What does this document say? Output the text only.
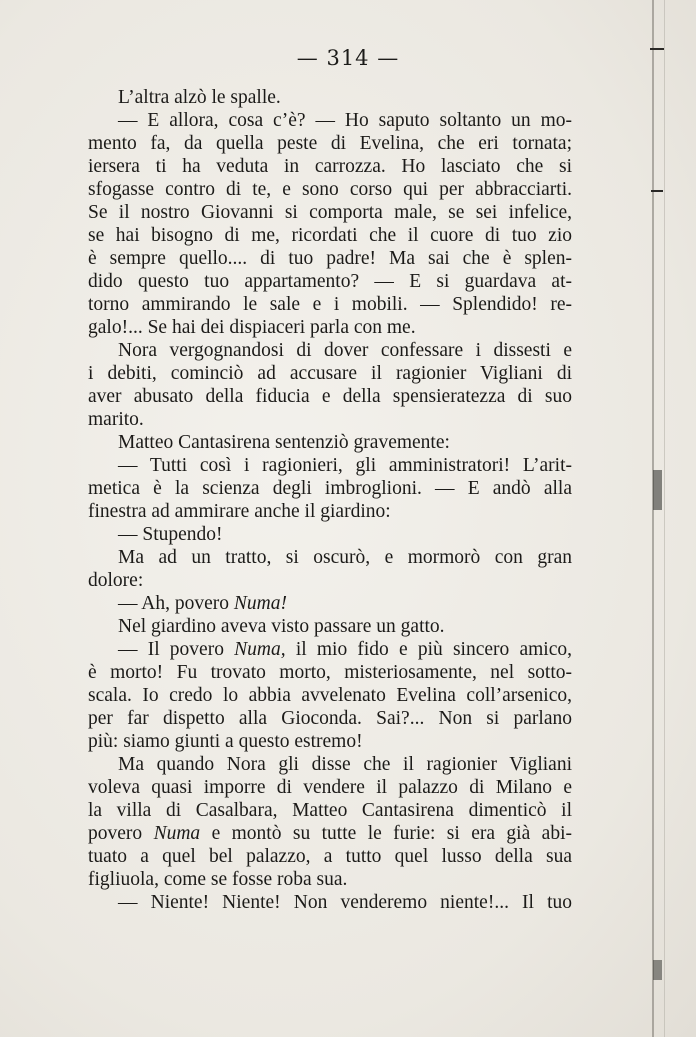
— 314 —
L’altra alzò le spalle.
— E allora, cosa c’è? — Ho saputo soltanto un mo-
mento fa, da quella peste di Evelina, che eri tornata;
iersera ti ha veduta in carrozza. Ho lasciato che si
sfogasse contro di te, e sono corso qui per abbracciarti.
Se il nostro Giovanni si comporta male, se sei infelice,
se hai bisogno di me, ricordati che il cuore di tuo zio
è sempre quello.... di tuo padre! Ma sai che è splen-
dido questo tuo appartamento? — E si guardava at-
torno ammirando le sale e i mobili. — Splendido! re-
galo!... Se hai dei dispiaceri parla con me.
Nora vergognandosi di dover confessare i dissesti e
i debiti, cominciò ad accusare il ragionier Vigliani di
aver abusato della fiducia e della spensieratezza di suo
marito.
Matteo Cantasirena sentenziò gravemente:
— Tutti così i ragionieri, gli amministratori! L’arit-
metica è la scienza degli imbroglioni. — E andò alla
finestra ad ammirare anche il giardino:
— Stupendo!
Ma ad un tratto, si oscurò, e mormorò con gran
dolore:
— Ah, povero Numa!
Nel giardino aveva visto passare un gatto.
— Il povero Numa, il mio fido e più sincero amico,
è morto! Fu trovato morto, misteriosamente, nel sotto-
scala. Io credo lo abbia avvelenato Evelina coll’arsenico,
per far dispetto alla Gioconda. Sai?... Non si parlano
più: siamo giunti a questo estremo!
Ma quando Nora gli disse che il ragionier Vigliani
voleva quasi imporre di vendere il palazzo di Milano e
la villa di Casalbara, Matteo Cantasirena dimenticò il
povero Numa e montò su tutte le furie: si era già abi-
tuato a quel bel palazzo, a tutto quel lusso della sua
figliuola, come se fosse roba sua.
— Niente! Niente! Non venderemo niente!... Il tuo
